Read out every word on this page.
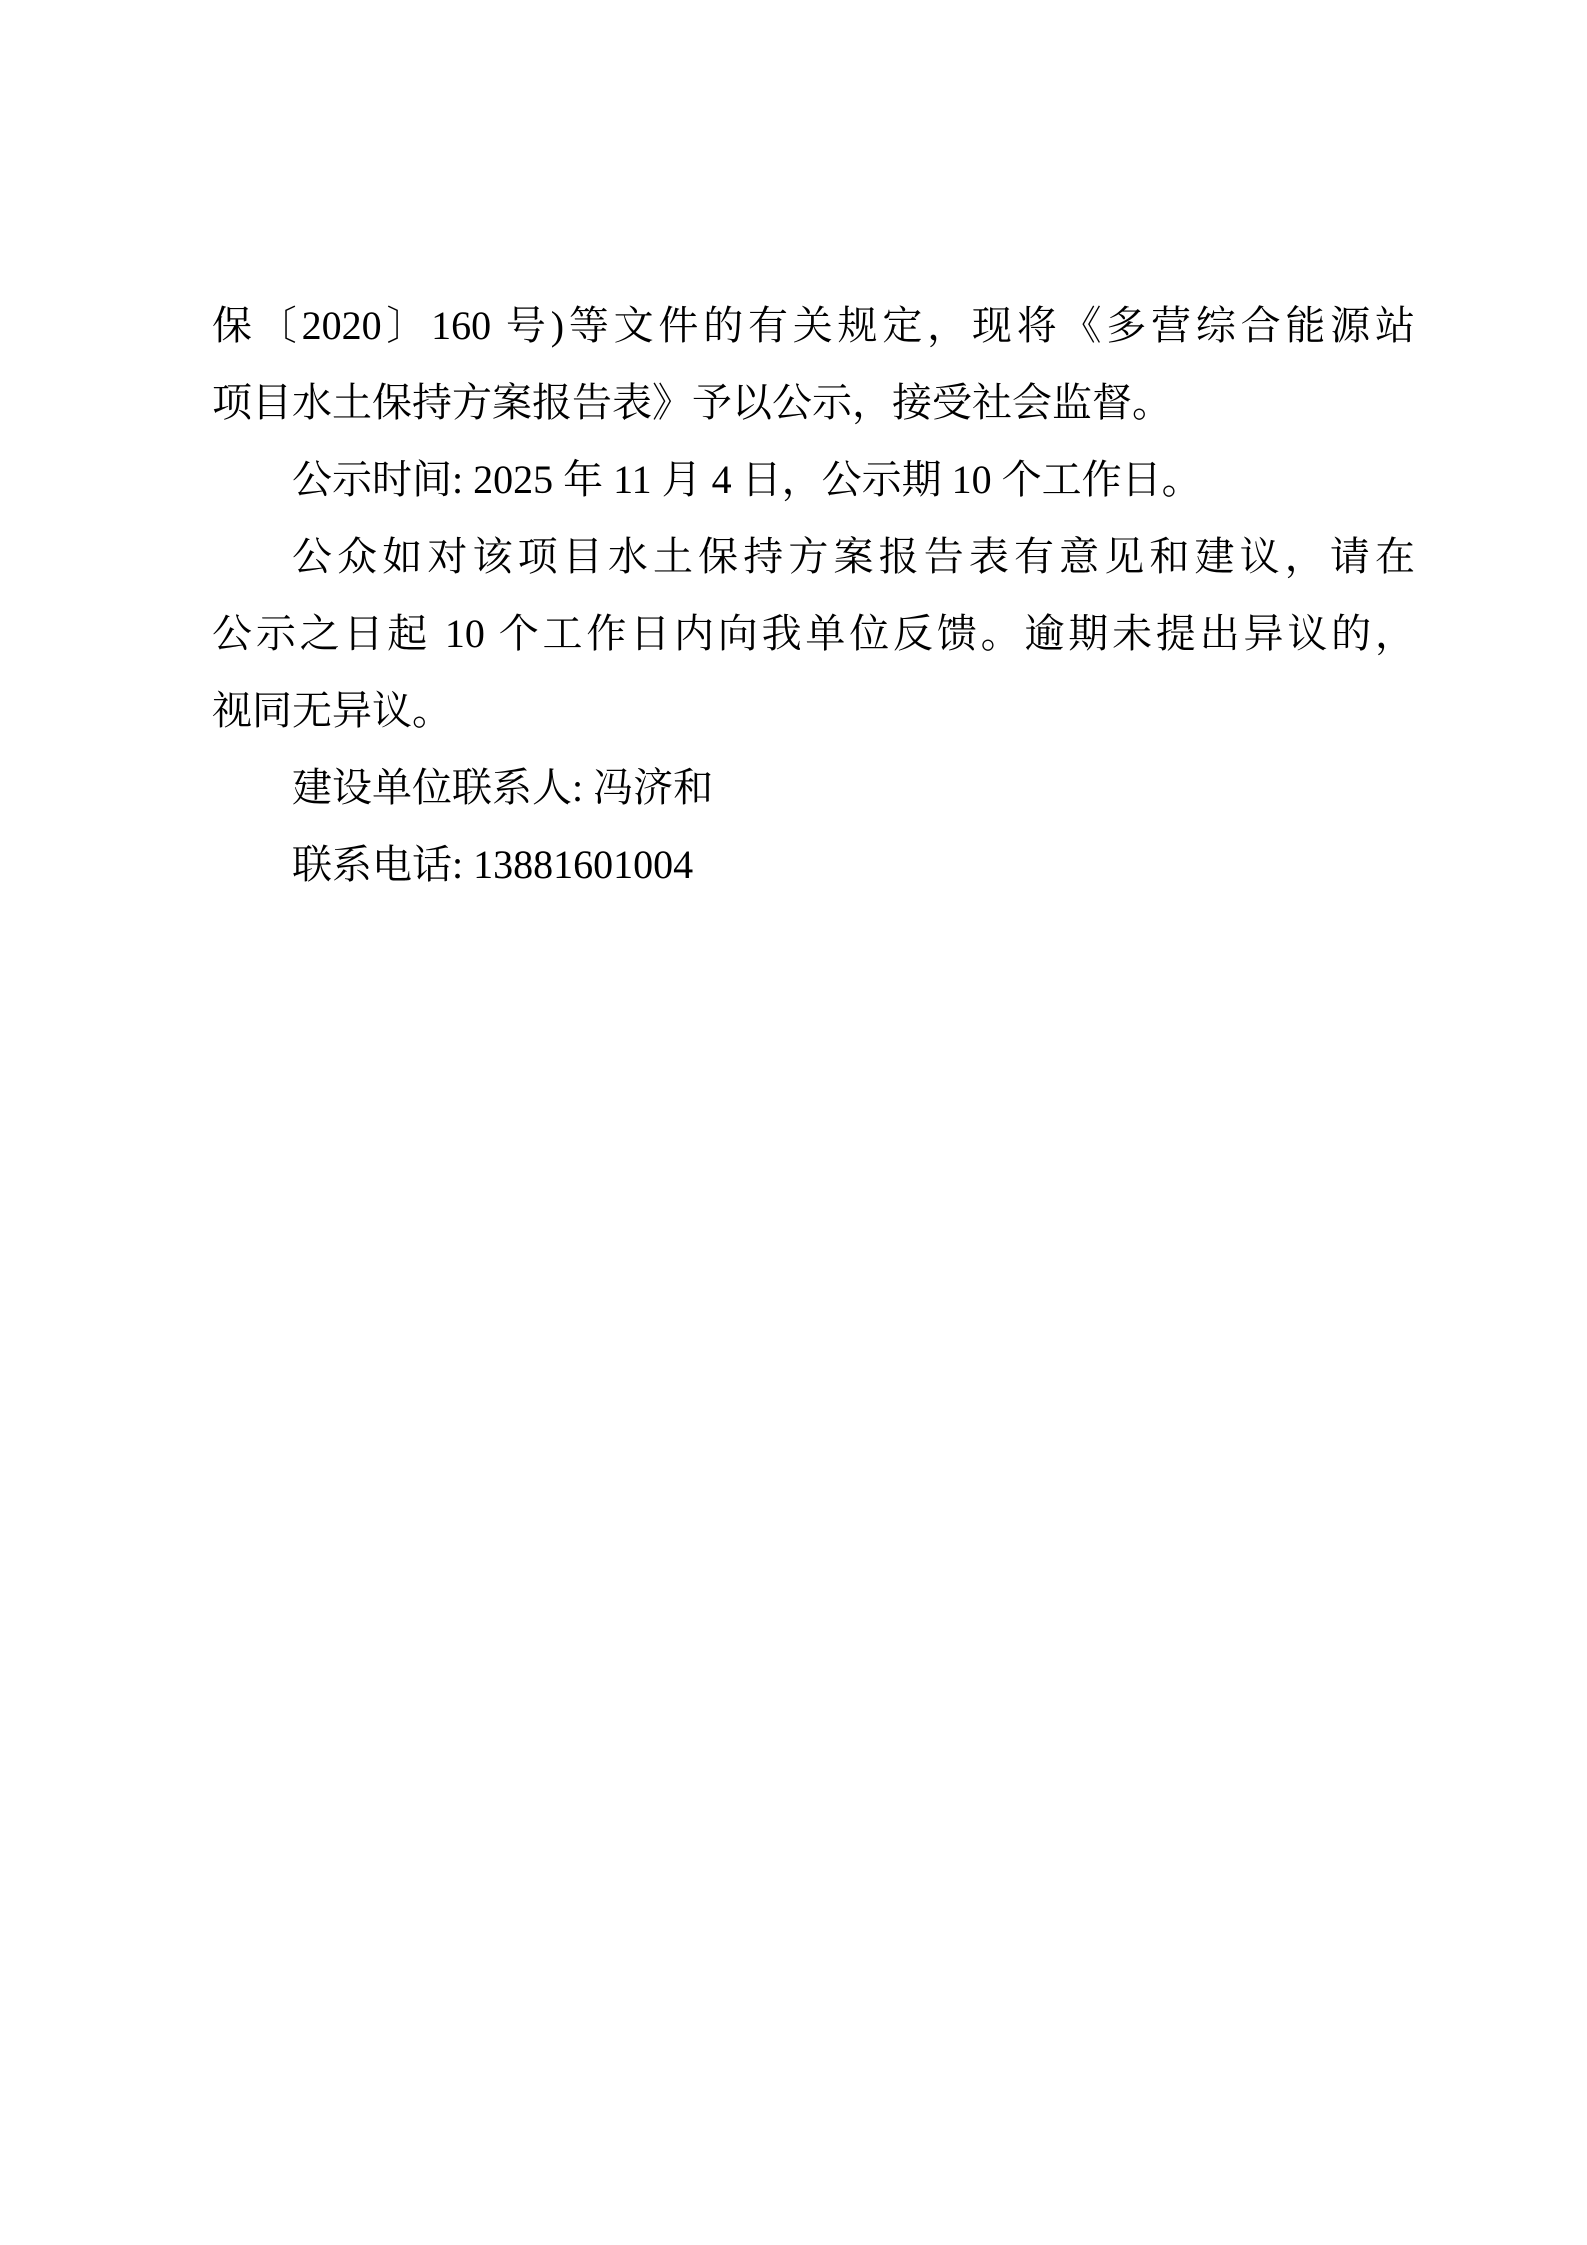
保〔2020〕160 号)等文件的有关规定，现将《多营综合能源站
项目水土保持方案报告表》予以公示，接受社会监督。
公示时间: 2025 年 11 月 4 日，公示期 10 个工作日。
公众如对该项目水土保持方案报告表有意见和建议，请在
公示之日起 10 个工作日内向我单位反馈。逾期未提出异议的，
视同无异议。
建设单位联系人: 冯济和
联系电话: 13881601004
